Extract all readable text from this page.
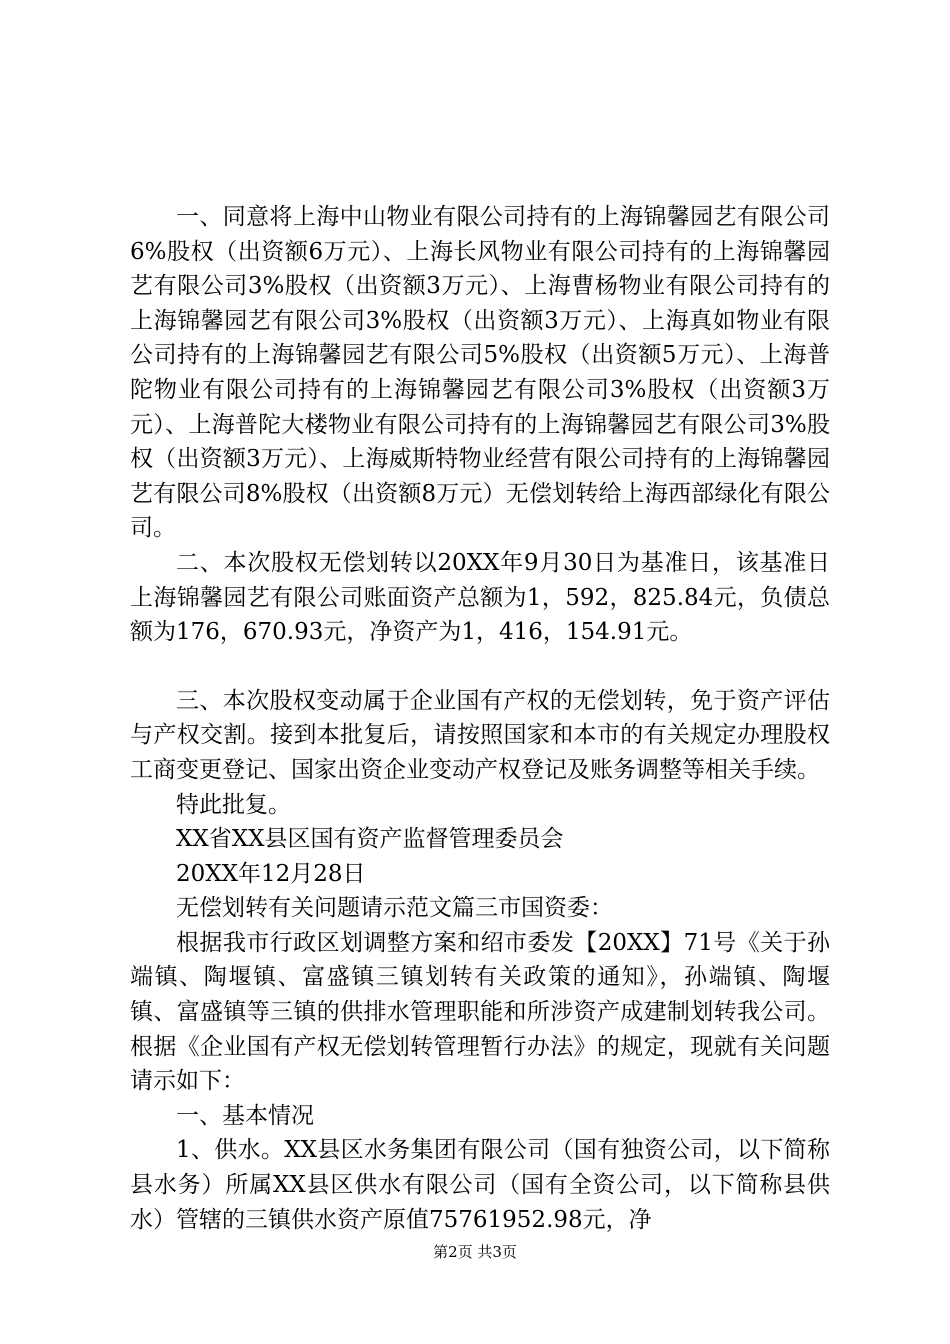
一、同意将上海中山物业有限公司持有的上海锦馨园艺有限公司6%股权（出资额6万元）、上海长风物业有限公司持有的上海锦馨园艺有限公司3%股权（出资额3万元）、上海曹杨物业有限公司持有的上海锦馨园艺有限公司3%股权（出资额3万元）、上海真如物业有限公司持有的上海锦馨园艺有限公司5%股权（出资额5万元）、上海普陀物业有限公司持有的上海锦馨园艺有限公司3%股权（出资额3万元）、上海普陀大楼物业有限公司持有的上海锦馨园艺有限公司3%股权（出资额3万元）、上海威斯特物业经营有限公司持有的上海锦馨园艺有限公司8%股权（出资额8万元）无偿划转给上海西部绿化有限公司。

二、本次股权无偿划转以20XX年9月30日为基准日，该基准日上海锦馨园艺有限公司账面资产总额为1，592，825.84元，负债总额为176，670.93元，净资产为1，416，154.91元。

三、本次股权变动属于企业国有产权的无偿划转，免于资产评估与产权交割。接到本批复后，请按照国家和本市的有关规定办理股权工商变更登记、国家出资企业变动产权登记及账务调整等相关手续。

特此批复。

XX省XX县区国有资产监督管理委员会

20XX年12月28日

无偿划转有关问题请示范文篇三市国资委：

根据我市行政区划调整方案和绍市委发【20XX】71号《关于孙端镇、陶堰镇、富盛镇三镇划转有关政策的通知》，孙端镇、陶堰镇、富盛镇等三镇的供排水管理职能和所涉资产成建制划转我公司。根据《企业国有产权无偿划转管理暂行办法》的规定，现就有关问题请示如下：

一、基本情况

1、供水。XX县区水务集团有限公司（国有独资公司，以下简称县水务）所属XX县区供水有限公司（国有全资公司，以下简称县供水）管辖的三镇供水资产原值75761952.98元，净

第2页 共3页
